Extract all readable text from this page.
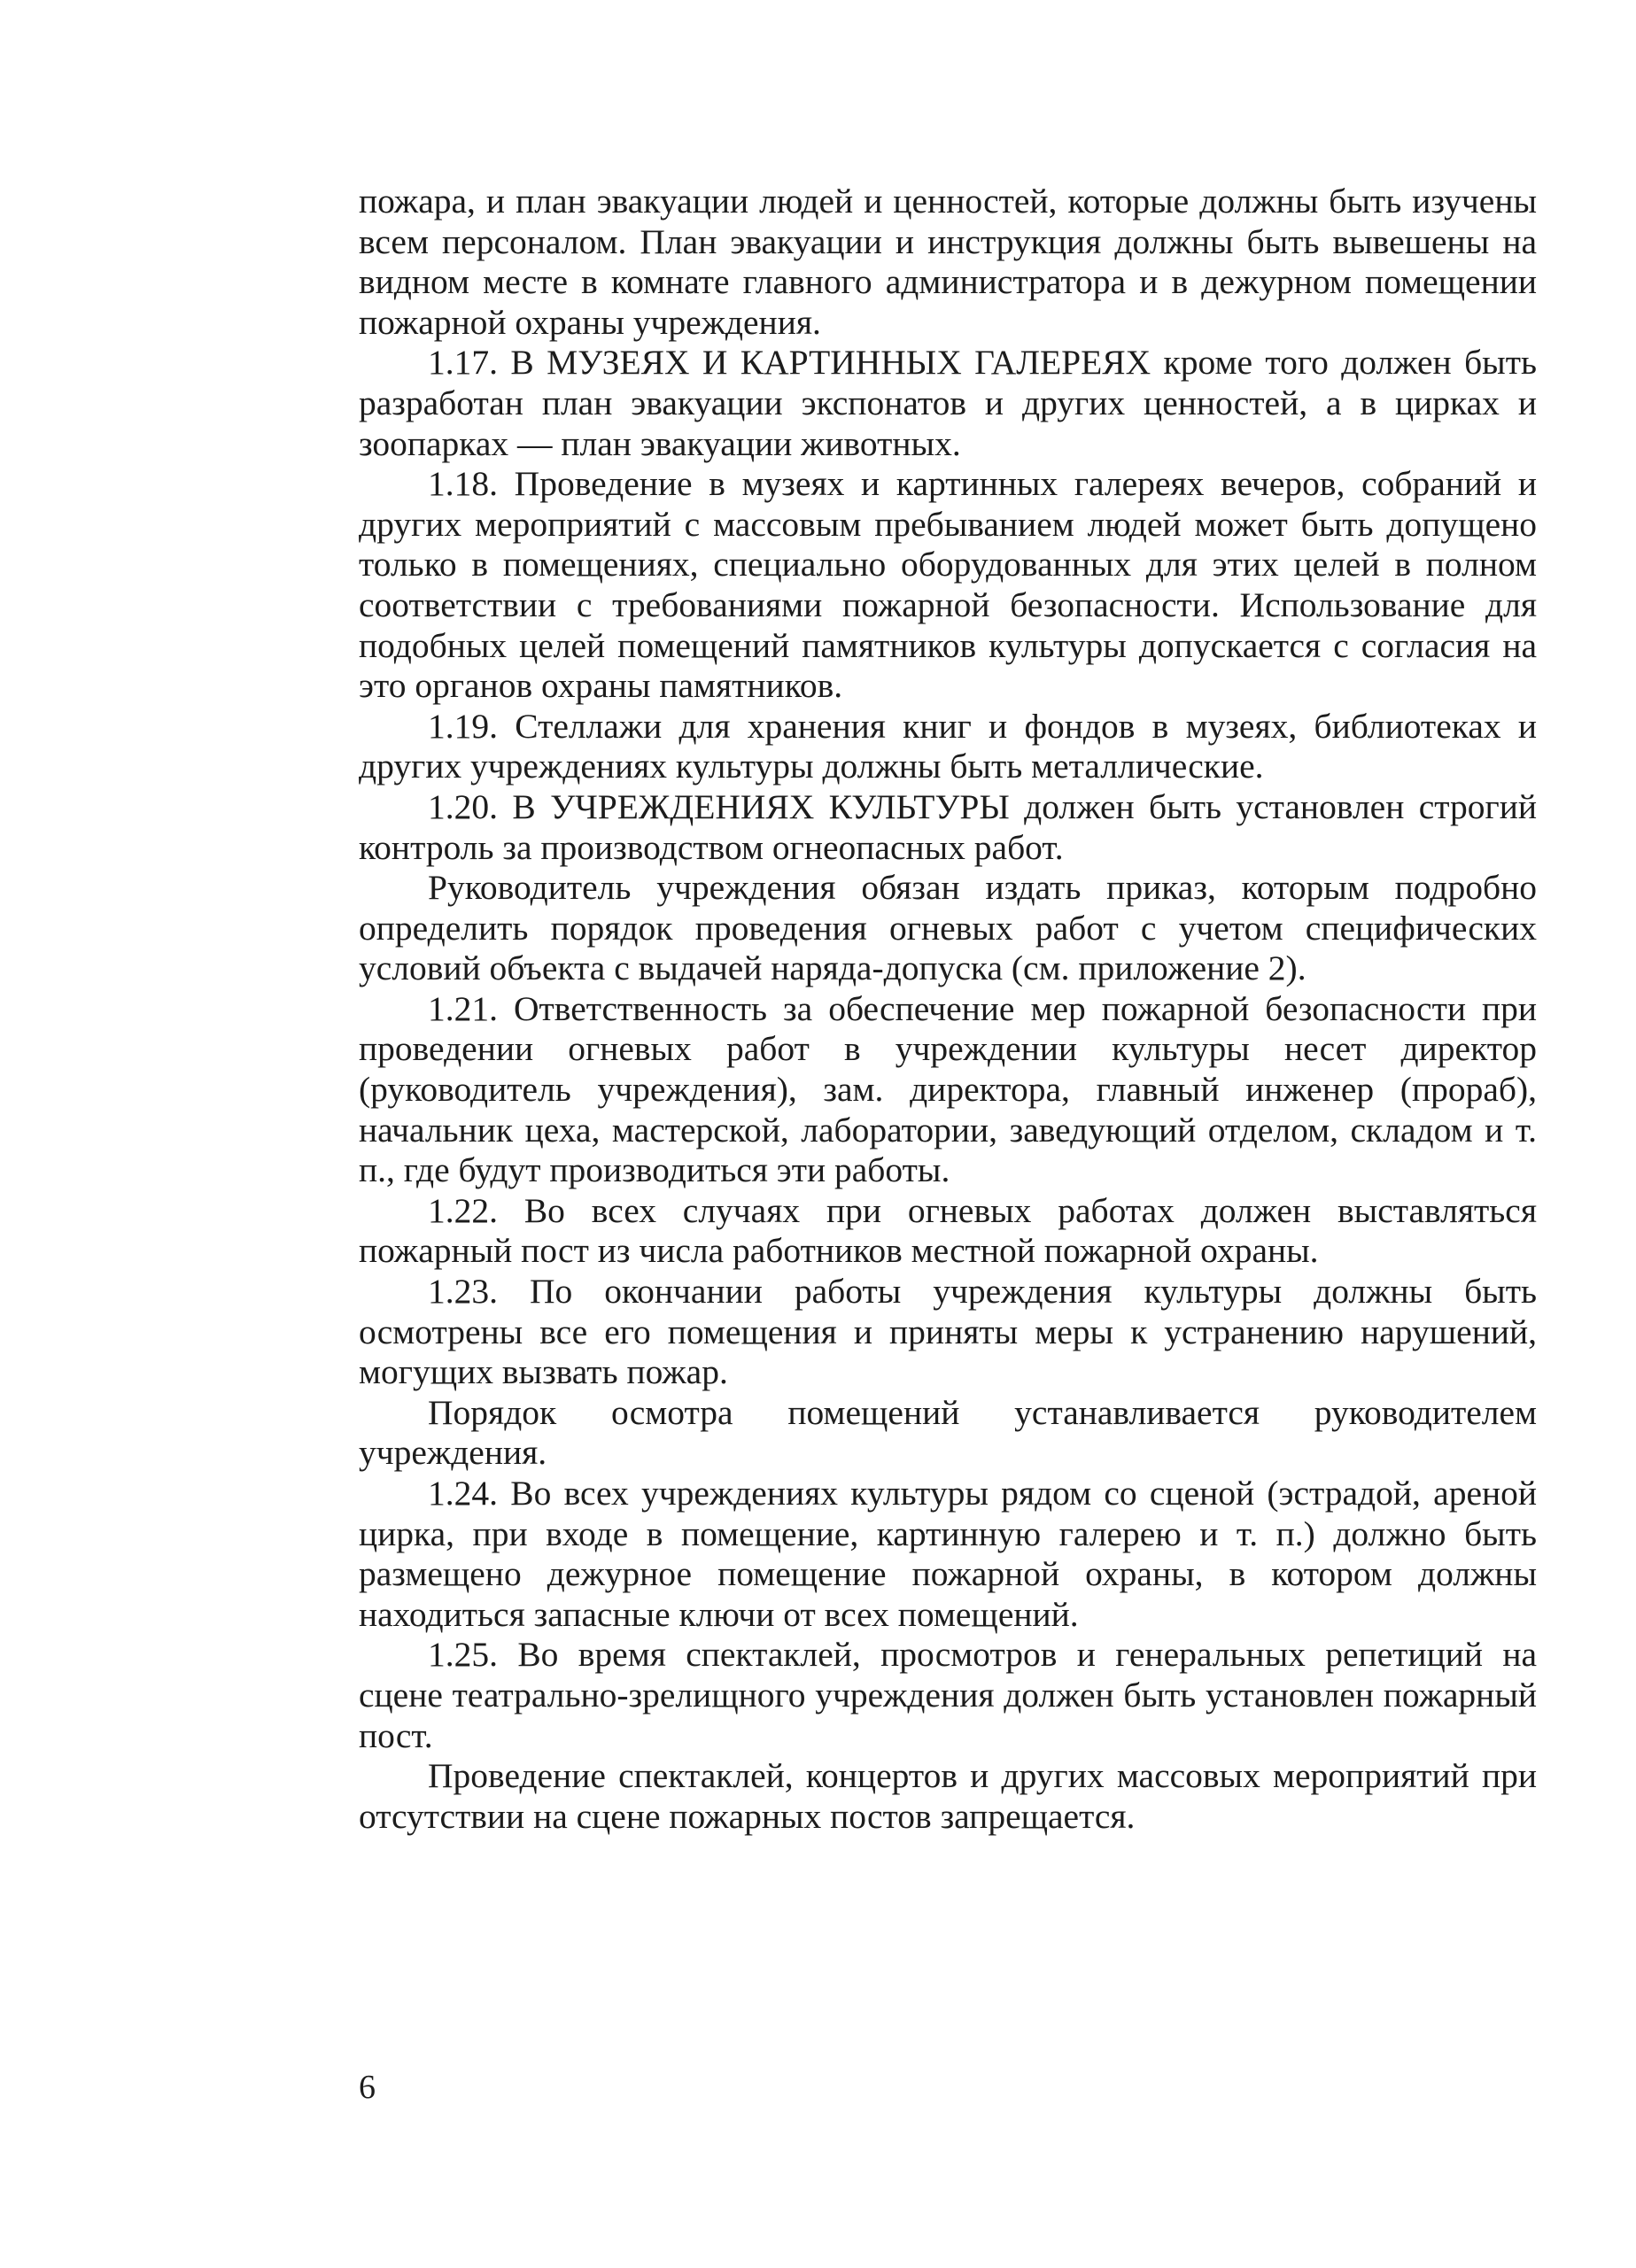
пожара, и план эвакуации людей и ценностей, которые должны быть изучены всем персоналом. План эвакуации и инструкция должны быть вывешены на видном месте в комнате главного администратора и в дежурном помещении пожарной охраны учреждения.

1.17. В МУЗЕЯХ И КАРТИННЫХ ГАЛЕРЕЯХ кроме того должен быть разработан план эвакуации экспонатов и других ценностей, а в цирках и зоопарках — план эвакуации животных.

1.18. Проведение в музеях и картинных галереях вечеров, собраний и других мероприятий с массовым пребыванием людей может быть допущено только в помещениях, специально оборудованных для этих целей в полном соответствии с требованиями пожарной безопасности. Использование для подобных целей помещений памятников культуры допускается с согласия на это органов охраны памятников.

1.19. Стеллажи для хранения книг и фондов в музеях, библиотеках и других учреждениях культуры должны быть металлические.

1.20. В УЧРЕЖДЕНИЯХ КУЛЬТУРЫ должен быть установлен строгий контроль за производством огнеопасных работ.

Руководитель учреждения обязан издать приказ, которым подробно определить порядок проведения огневых работ с учетом специфических условий объекта с выдачей наряда-допуска (см. приложение 2).

1.21. Ответственность за обеспечение мер пожарной безопасности при проведении огневых работ в учреждении культуры несет директор (руководитель учреждения), зам. директора, главный инженер (прораб), начальник цеха, мастерской, лаборатории, заведующий отделом, складом и т. п., где будут производиться эти работы.

1.22. Во всех случаях при огневых работах должен выставляться пожарный пост из числа работников местной пожарной охраны.

1.23. По окончании работы учреждения культуры должны быть осмотрены все его помещения и приняты меры к устранению нарушений, могущих вызвать пожар.

Порядок осмотра помещений устанавливается руководителем учреждения.

1.24. Во всех учреждениях культуры рядом со сценой (эстрадой, ареной цирка, при входе в помещение, картинную галерею и т. п.) должно быть размещено дежурное помещение пожарной охраны, в котором должны находиться запасные ключи от всех помещений.

1.25. Во время спектаклей, просмотров и генеральных репетиций на сцене театрально-зрелищного учреждения должен быть установлен пожарный пост.

Проведение спектаклей, концертов и других массовых мероприятий при отсутствии на сцене пожарных постов запрещается.

6
